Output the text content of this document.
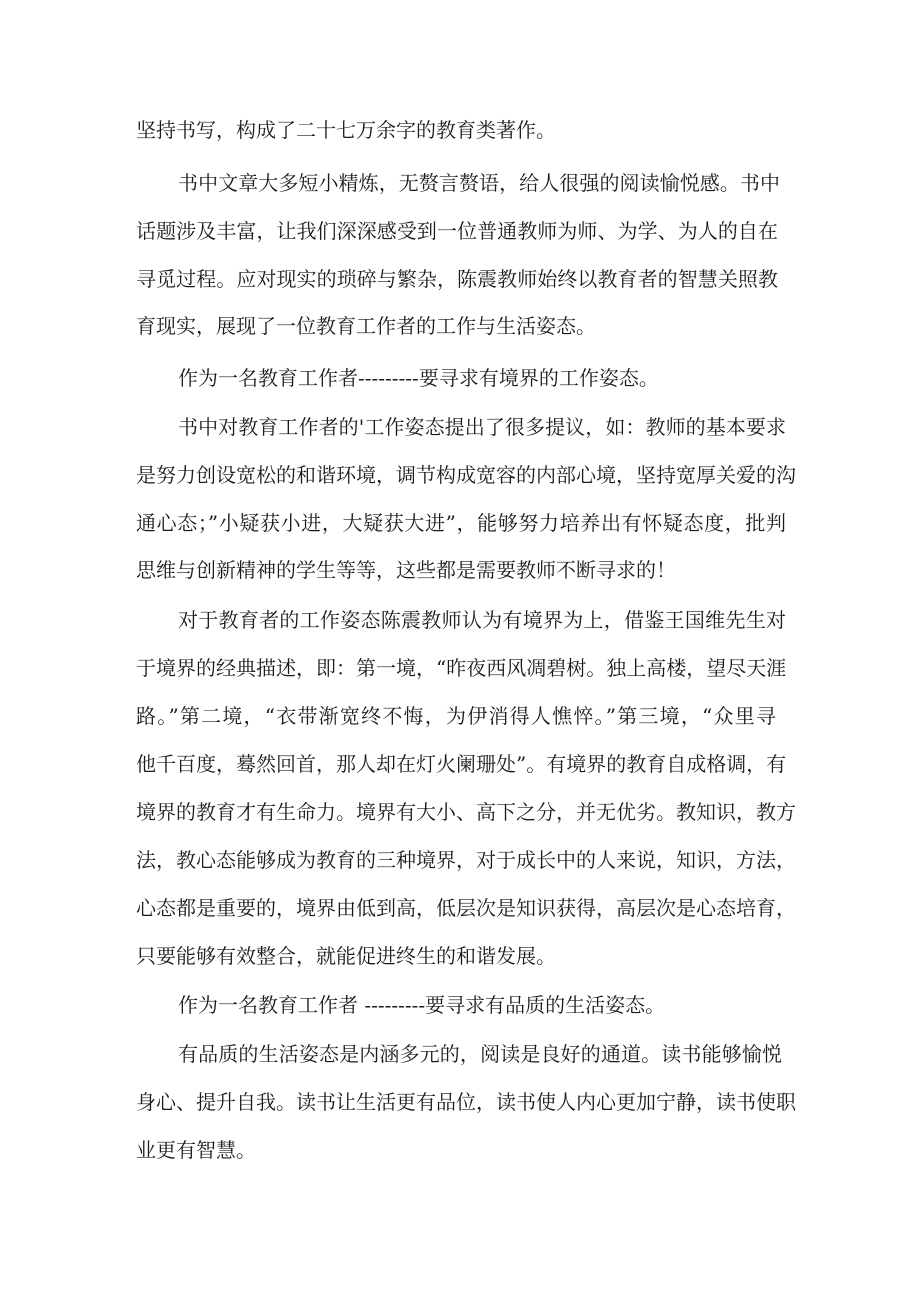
坚持书写，构成了二十七万余字的教育类著作。
书中文章大多短小精炼，无赘言赘语，给人很强的阅读愉悦感。书中
话题涉及丰富，让我们深深感受到一位普通教师为师、为学、为人的自在
寻觅过程。应对现实的琐碎与繁杂，陈震教师始终以教育者的智慧关照教
育现实，展现了一位教育工作者的工作与生活姿态。
作为一名教育工作者---------要寻求有境界的工作姿态。
书中对教育工作者的'工作姿态提出了很多提议，如：教师的基本要求
是努力创设宽松的和谐环境，调节构成宽容的内部心境，坚持宽厚关爱的沟
通心态；”小疑获小进，大疑获大进”，能够努力培养出有怀疑态度，批判
思维与创新精神的学生等等，这些都是需要教师不断寻求的！
对于教育者的工作姿态陈震教师认为有境界为上，借鉴王国维先生对
于境界的经典描述，即：第一境，“昨夜西风凋碧树。独上高楼，望尽天涯
路。”第二境，“衣带渐宽终不悔，为伊消得人憔悴。”第三境，“众里寻
他千百度，蓦然回首，那人却在灯火阑珊处”。有境界的教育自成格调，有
境界的教育才有生命力。境界有大小、高下之分，并无优劣。教知识，教方
法，教心态能够成为教育的三种境界，对于成长中的人来说，知识，方法，
心态都是重要的，境界由低到高，低层次是知识获得，高层次是心态培育，
只要能够有效整合，就能促进终生的和谐发展。
作为一名教育工作者 ---------要寻求有品质的生活姿态。
有品质的生活姿态是内涵多元的，阅读是良好的通道。读书能够愉悦
身心、提升自我。读书让生活更有品位，读书使人内心更加宁静，读书使职
业更有智慧。
